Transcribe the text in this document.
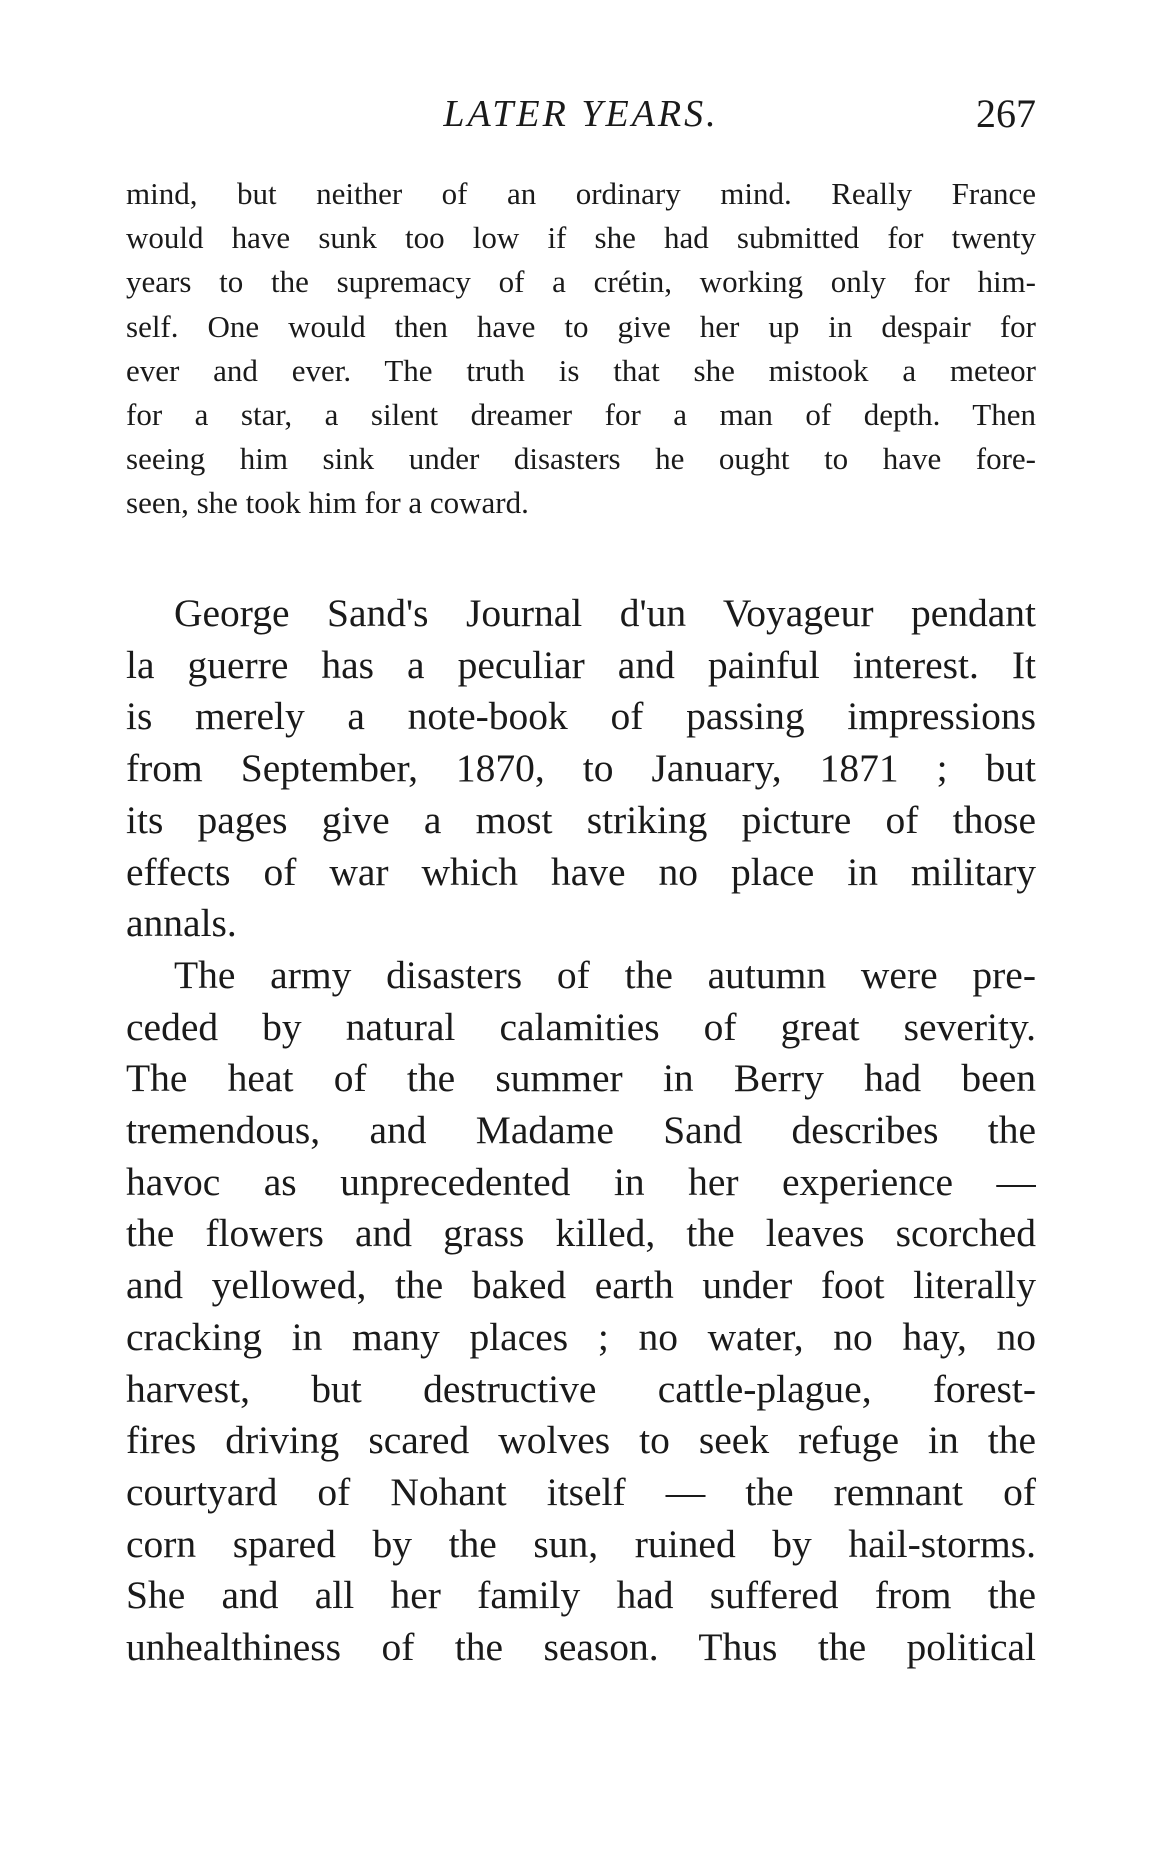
LATER YEARS.	267
mind, but neither of an ordinary mind. Really France
would have sunk too low if she had submitted for twenty
years to the supremacy of a crétin, working only for him-
self. One would then have to give her up in despair for
ever and ever. The truth is that she mistook a meteor
for a star, a silent dreamer for a man of depth. Then
seeing him sink under disasters he ought to have fore-
seen, she took him for a coward.
George Sand's Journal d'un Voyageur pendant
la guerre has a peculiar and painful interest. It
is merely a note-book of passing impressions
from September, 1870, to January, 1871 ; but
its pages give a most striking picture of those
effects of war which have no place in military
annals.
The army disasters of the autumn were pre-
ceded by natural calamities of great severity.
The heat of the summer in Berry had been
tremendous, and Madame Sand describes the
havoc as unprecedented in her experience —
the flowers and grass killed, the leaves scorched
and yellowed, the baked earth under foot literally
cracking in many places ; no water, no hay, no
harvest, but destructive cattle-plague, forest-
fires driving scared wolves to seek refuge in the
courtyard of Nohant itself — the remnant of
corn spared by the sun, ruined by hail-storms.
She and all her family had suffered from the
unhealthiness of the season. Thus the political
